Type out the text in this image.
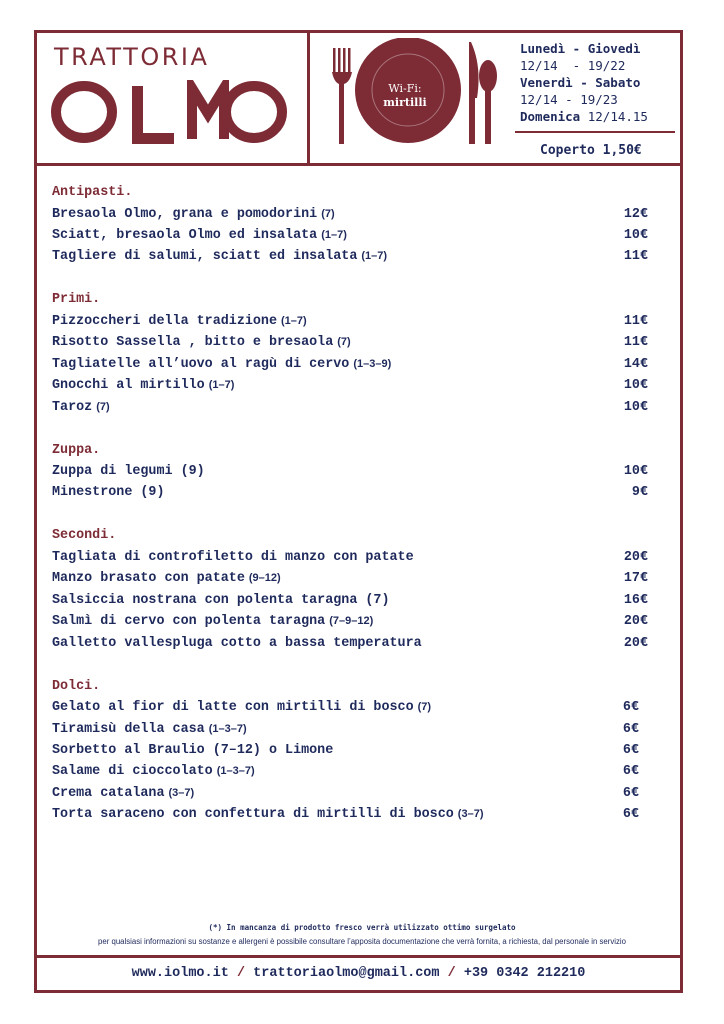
TRATTORIA
Wi-Fi:
mirtilli
Lunedì - Giovedì
12/14  - 19/22
Venerdì - Sabato
12/14 - 19/23
Domenica 12/14.15
Coperto 1,50€
Antipasti.
Bresaola Olmo, grana e pomodorini (7)	12€
Sciatt, bresaola Olmo ed insalata (1–7)	10€
Tagliere di salumi, sciatt ed insalata (1–7)	11€
Primi.
Pizzoccheri della tradizione (1–7)	11€
Risotto Sassella , bitto e bresaola (7)	11€
Tagliatelle all’uovo al ragù di cervo (1–3–9)	14€
Gnocchi al mirtillo (1–7)	10€
Taroz (7)	10€
Zuppa.
Zuppa di legumi (9)	10€
Minestrone (9)	9€
Secondi.
Tagliata di controfiletto di manzo con patate	20€
Manzo brasato con patate (9–12)	17€
Salsiccia nostrana con polenta taragna (7)	16€
Salmì di cervo con polenta taragna (7–9–12)	20€
Galletto vallespluga cotto a bassa temperatura	20€
Dolci.
Gelato al fior di latte con mirtilli di bosco (7)	6€
Tiramisù della casa (1–3–7)	6€
Sorbetto al Braulio (7–12) o Limone	6€
Salame di cioccolato (1–3–7)	6€
Crema catalana (3–7)	6€
Torta saraceno con confettura di mirtilli di bosco (3–7)	6€
(*) In mancanza di prodotto fresco verrà utilizzato ottimo surgelato
per qualsiasi informazioni su sostanze e allergeni è possibile consultare l’apposita documentazione che verrà fornita, a richiesta, dal personale in servizio
www.iolmo.it / trattoriaolmo@gmail.com / +39 0342 212210
